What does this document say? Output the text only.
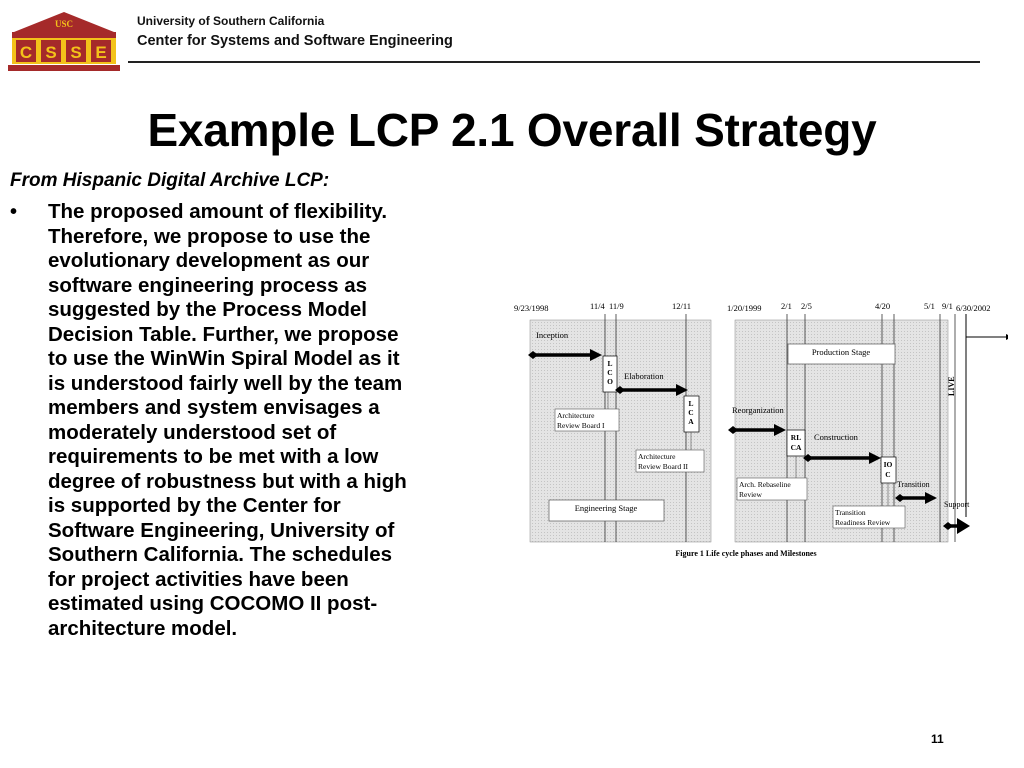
USC
C S S E
University of Southern California
Center for Systems and Software Engineering
Example LCP 2.1 Overall Strategy
From Hispanic Digital Archive LCP:
• The proposed amount of flexibility.

Therefore, we propose to use the

evolutionary development as our

software engineering process as

suggested by the Process Model

Decision Table. Further, we propose

to use the WinWin Spiral Model as it

is understood fairly well by the team

members and system envisages a

moderately understood set of

requirements to be met with a low

degree of robustness but with a high

is supported by the Center for

Software Engineering, University of

Southern California. The schedules

for project activities have been

estimated using COCOMO II post-

architecture model.

9/23/1998	11/4 11/9	12/11	1/20/1999 2/1 2/5	4/20	5/1 9/1 6/30/2002
LIVE
Production Stage
Inception
L
C
O
Elaboration
L
C
A
Architecture
Review Board I
Architecture
Review Board II
Engineering Stage
Reorganization
RL
CA
Construction
IO
C
Arch. Rebaseline
Review
Transition
Transition
Readiness Review
Support
Figure 1 Life cycle phases and Milestones
11
